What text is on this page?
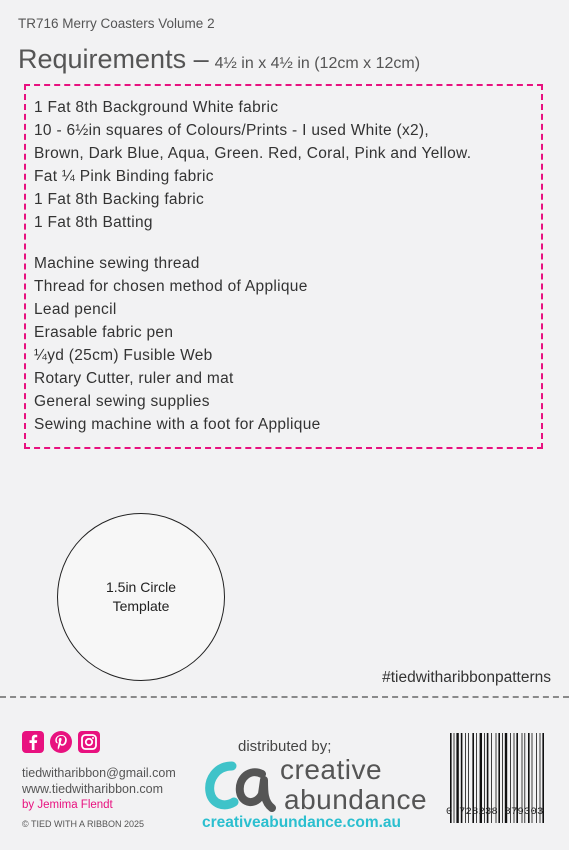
TR716 Merry Coasters Volume 2
Requirements – 4½ in x 4½ in (12cm x 12cm)
1 Fat 8th Background White fabric
10 - 6½in squares of Colours/Prints - I used White (x2),
Brown, Dark Blue, Aqua, Green. Red, Coral, Pink and Yellow.
Fat ¼ Pink Binding fabric
1 Fat 8th Backing fabric
1 Fat 8th Batting
Machine sewing thread
Thread for chosen method of Applique
Lead pencil
Erasable fabric pen
¼yd (25cm) Fusible Web
Rotary Cutter, ruler and mat
General sewing supplies
Sewing machine with a foot for Applique
1.5in Circle
Template
#tiedwitharibbonpatterns
tiedwitharibbon@gmail.com
www.tiedwitharibbon.com
by Jemima Flendt
© TIED WITH A RIBBON 2025
distributed by;
creative
abundance
creativeabundance.com.au
0 728238 879303
